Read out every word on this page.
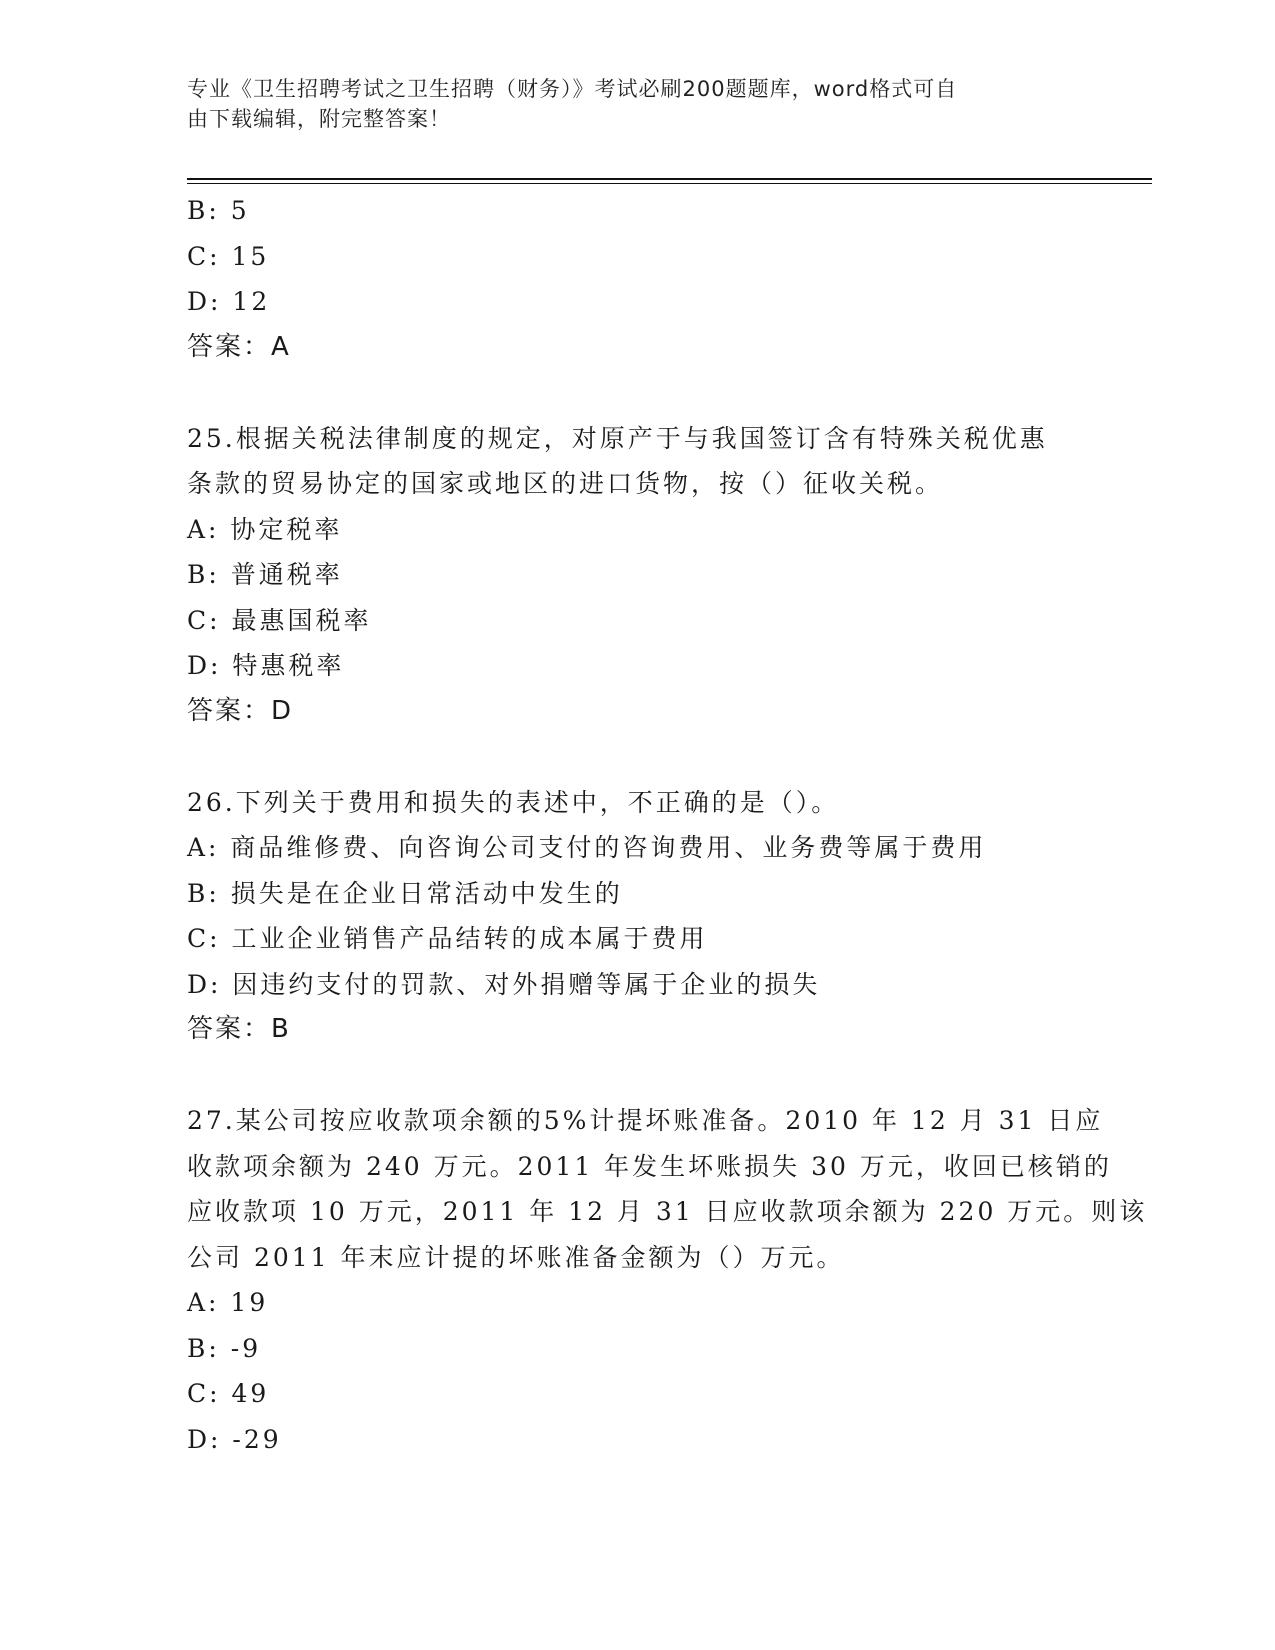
专业《卫生招聘考试之卫生招聘（财务）》考试必刷200题题库，word格式可自
由下载编辑，附完整答案！
B: 5
C: 15
D: 12
答案：A
25.根据关税法律制度的规定，对原产于与我国签订含有特殊关税优惠
条款的贸易协定的国家或地区的进口货物，按（）征收关税。
A: 协定税率
B: 普通税率
C: 最惠国税率
D: 特惠税率
答案：D
26.下列关于费用和损失的表述中，不正确的是（）。
A: 商品维修费、向咨询公司支付的咨询费用、业务费等属于费用
B: 损失是在企业日常活动中发生的
C: 工业企业销售产品结转的成本属于费用
D: 因违约支付的罚款、对外捐赠等属于企业的损失
答案：B
27.某公司按应收款项余额的5%计提坏账准备。2010 年 12 月 31 日应
收款项余额为 240 万元。2011 年发生坏账损失 30 万元，收回已核销的
应收款项 10 万元，2011 年 12 月 31 日应收款项余额为 220 万元。则该
公司 2011 年末应计提的坏账准备金额为（）万元。
A: 19
B: -9
C: 49
D: -29
